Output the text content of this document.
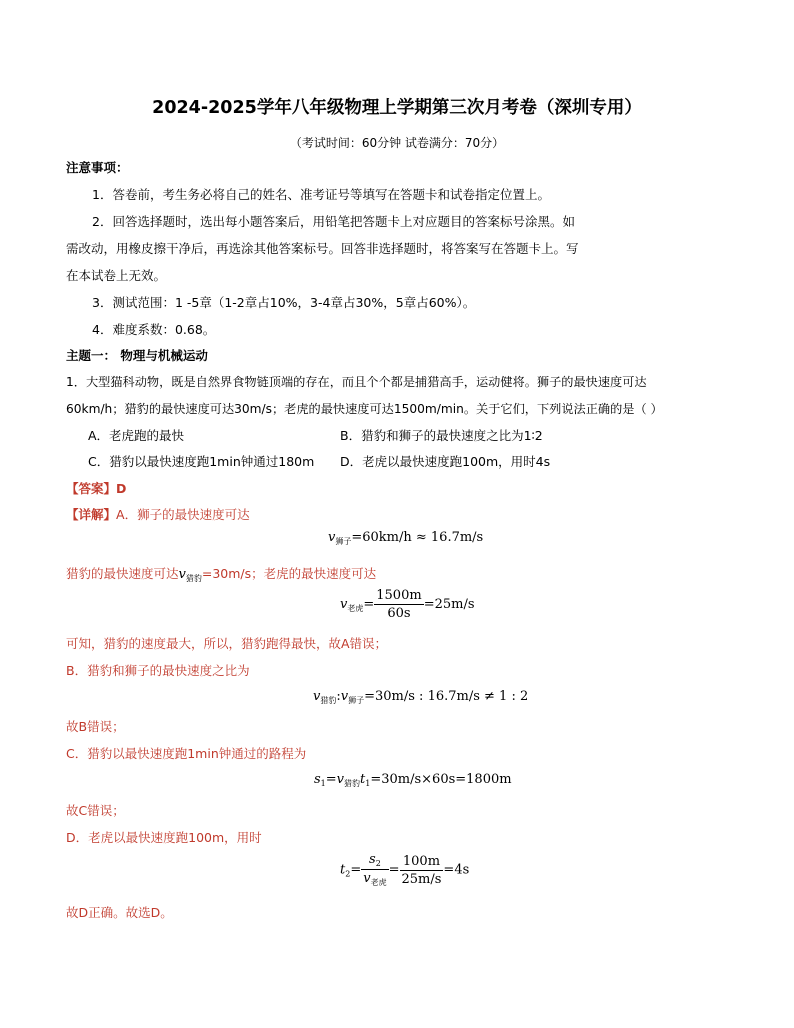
2024-2025学年八年级物理上学期第三次月考卷（深圳专用）
（考试时间：60分钟 试卷满分：70分）
注意事项：
1．答卷前，考生务必将自己的姓名、准考证号等填写在答题卡和试卷指定位置上。
2．回答选择题时，选出每小题答案后，用铅笔把答题卡上对应题目的答案标号涂黑。如
需改动，用橡皮擦干净后，再选涂其他答案标号。回答非选择题时，将答案写在答题卡上。写
在本试卷上无效。
3．测试范围：1 -5章（1-2章占10%，3-4章占30%，5章占60%）。
4．难度系数：0.68。
主题一： 物理与机械运动
1．大型猫科动物，既是自然界食物链顶端的存在，而且个个都是捕猎高手，运动健将。狮子的最快速度可达
60km/h；猎豹的最快速度可达30m/s；老虎的最快速度可达1500m/min。关于它们，下列说法正确的是（ ）
A．老虎跑的最快	B．猎豹和狮子的最快速度之比为1∶2
C．猎豹以最快速度跑1min钟通过180m D．老虎以最快速度跑100m，用时4s
【答案】D
【详解】A．狮子的最快速度可达
$v_{狮子}=60km/h \approx 16.7m/s$
猎豹的最快速度可达$v_{猎豹}=30m/s$；老虎的最快速度可达
$v_{老虎}= \frac{1500m}{60s} =25m/s$
可知，猎豹的速度最大，所以，猎豹跑得最快，故A错误；
B．猎豹和狮子的最快速度之比为
$v_{猎豹}:v_{狮子}=30m/s$ : 16.7m/s ≠ 1 : 2
故B错误；
C．猎豹以最快速度跑1min钟通过的路程为
$s_1=v_{猎豹}t_1=30m/s\times 60s=1800m$
故C错误；
D．老虎以最快速度跑100m，用时
$t_2= \frac{s_2}{v_{老虎}} = \frac{100m}{25m/s} =4s$
故D正确。故选D。
